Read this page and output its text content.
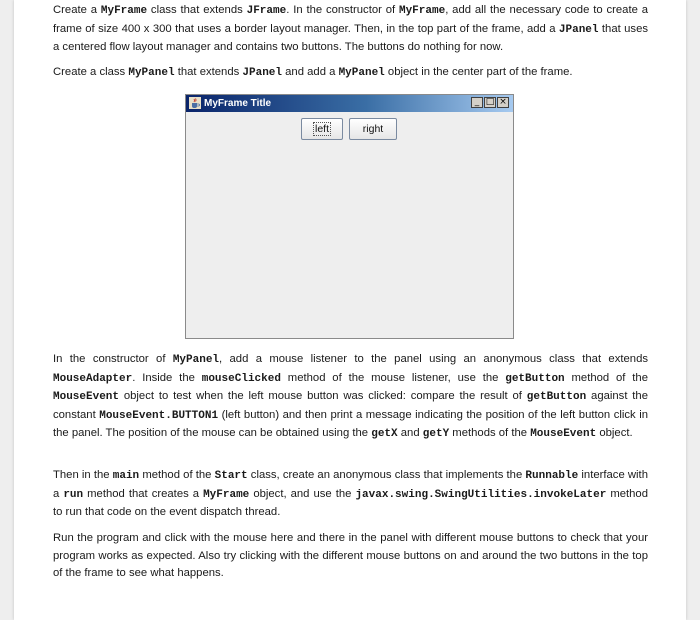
Create a MyFrame class that extends JFrame. In the constructor of MyFrame, add all the necessary code to create a frame of size 400 x 300 that uses a border layout manager. Then, in the top part of the frame, add a JPanel that uses a centered flow layout manager and contains two buttons. The buttons do nothing for now.

Create a class MyPanel that extends JPanel and add a MyPanel object in the center part of the frame.

MyFrame Title	_ □ ×
left	right

In the constructor of MyPanel, add a mouse listener to the panel using an anonymous class that extends MouseAdapter. Inside the mouseClicked method of the mouse listener, use the getButton method of the MouseEvent object to test when the left mouse button was clicked: compare the result of getButton against the constant MouseEvent.BUTTON1 (left button) and then print a message indicating the position of the left button click in the panel. The position of the mouse can be obtained using the getX and getY methods of the MouseEvent object.

Then in the main method of the Start class, create an anonymous class that implements the Runnable interface with a run method that creates a MyFrame object, and use the javax.swing.SwingUtilities.invokeLater method to run that code on the event dispatch thread.

Run the program and click with the mouse here and there in the panel with different mouse buttons to check that your program works as expected. Also try clicking with the different mouse buttons on and around the two buttons in the top of the frame to see what happens.
